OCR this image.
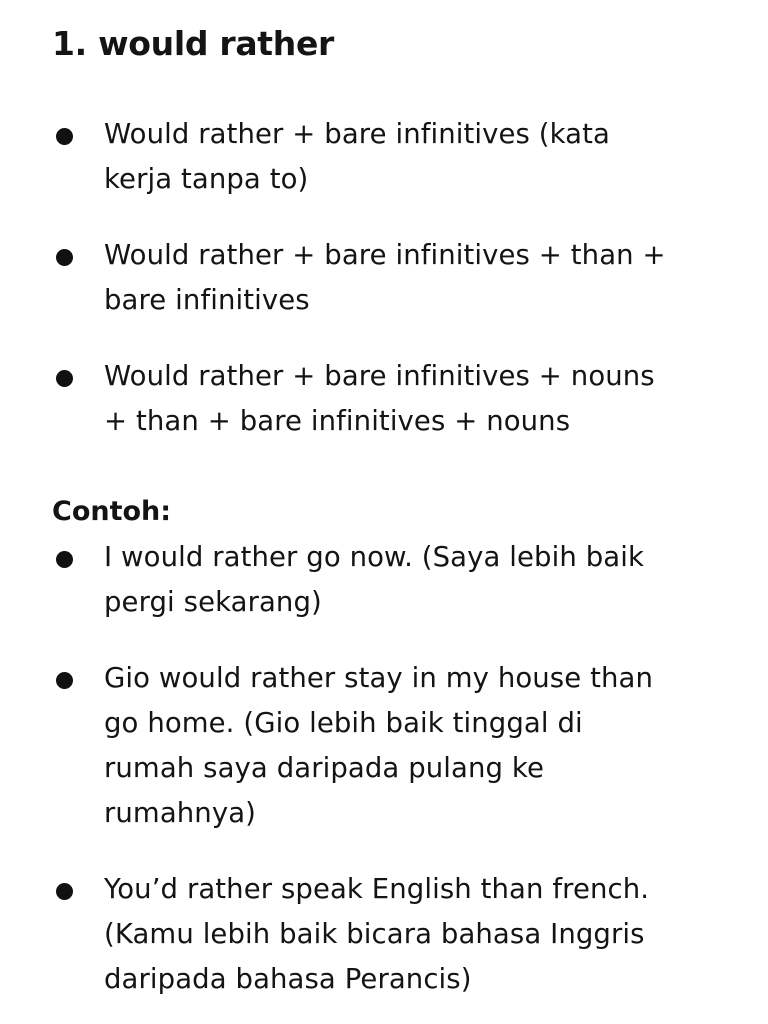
1. would rather

Would rather + bare infinitives (kata
kerja tanpa to)

Would rather + bare infinitives + than +
bare infinitives

Would rather + bare infinitives + nouns
+ than + bare infinitives + nouns

Contoh:

I would rather go now. (Saya lebih baik
pergi sekarang)

Gio would rather stay in my house than
go home. (Gio lebih baik tinggal di
rumah saya daripada pulang ke
rumahnya)

You’d rather speak English than french.
(Kamu lebih baik bicara bahasa Inggris
daripada bahasa Perancis)
